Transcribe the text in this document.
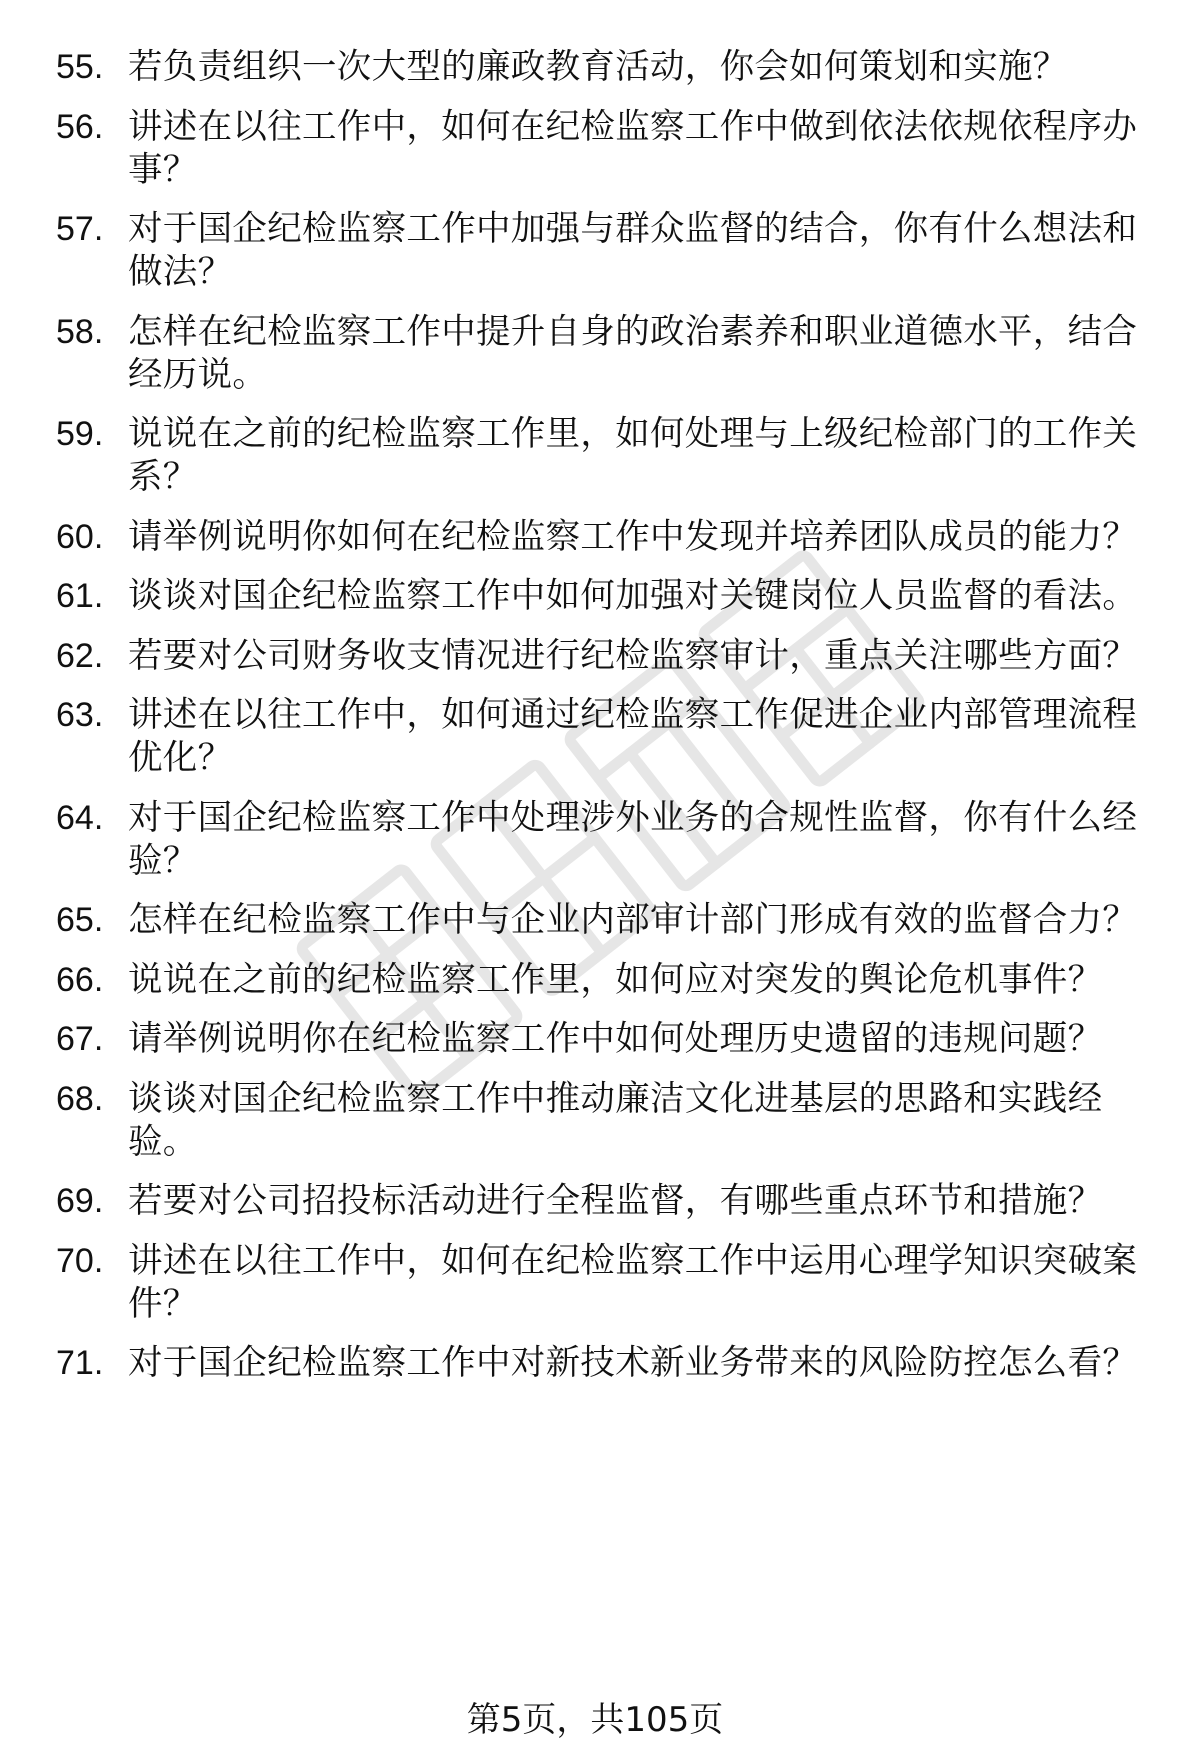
55. 若负责组织一次大型的廉政教育活动，你会如何策划和实施？
56. 讲述在以往工作中，如何在纪检监察工作中做到依法依规依程序办事？
57. 对于国企纪检监察工作中加强与群众监督的结合，你有什么想法和做法？
58. 怎样在纪检监察工作中提升自身的政治素养和职业道德水平，结合经历说。
59. 说说在之前的纪检监察工作里，如何处理与上级纪检部门的工作关系？
60. 请举例说明你如何在纪检监察工作中发现并培养团队成员的能力？
61. 谈谈对国企纪检监察工作中如何加强对关键岗位人员监督的看法。
62. 若要对公司财务收支情况进行纪检监察审计，重点关注哪些方面？
63. 讲述在以往工作中，如何通过纪检监察工作促进企业内部管理流程优化？
64. 对于国企纪检监察工作中处理涉外业务的合规性监督，你有什么经验？
65. 怎样在纪检监察工作中与企业内部审计部门形成有效的监督合力？
66. 说说在之前的纪检监察工作里，如何应对突发的舆论危机事件？
67. 请举例说明你在纪检监察工作中如何处理历史遗留的违规问题？
68. 谈谈对国企纪检监察工作中推动廉洁文化进基层的思路和实践经验。
69. 若要对公司招投标活动进行全程监督，有哪些重点环节和措施？
70. 讲述在以往工作中，如何在纪检监察工作中运用心理学知识突破案件？
71. 对于国企纪检监察工作中对新技术新业务带来的风险防控怎么看？
第5页，共105页
